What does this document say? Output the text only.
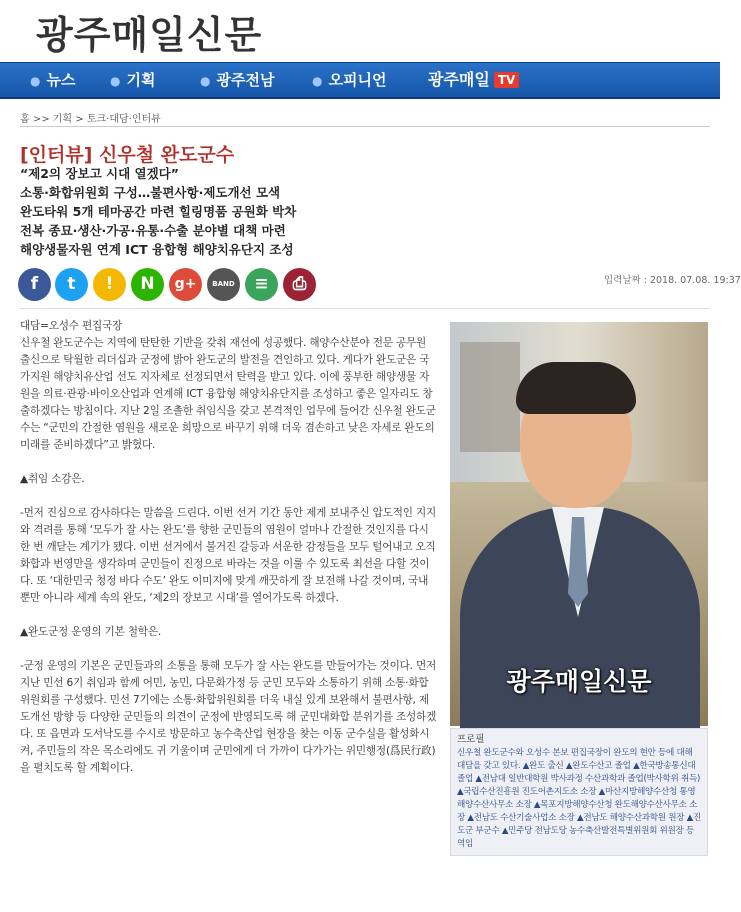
광주매일신문
● 뉴스	● 기획	● 광주전남	● 오피니언	광주매일 TV
홈 >> 기획 > 토크·대담·인터뷰
[인터뷰] 신우철 완도군수
“제2의 장보고 시대 열겠다”
소통·화합위원회 구성…불편사항·제도개선 모색
완도타워 5개 테마공간 마련 힐링명품 공원화 박차
전복 종묘·생산·가공·유통·수출 분야별 대책 마련
해양생물자원 연계 ICT 융합형 해양치유단지 조성
f	t	!	N	g+	BAND	≡	⎙	입력날짜 : 2018. 07.08. 19:37

대담=오성수 편집국장

신우철 완도군수는 지역에 탄탄한 기반을 갖춰 재선에 성공했다. 해양수산분야 전문 공무원 출신으로 탁월한 리더십과 군정에 밝아 완도군의 발전을 견인하고 있다. 게다가 완도군은 국가지원 해양치유산업 선도 지자체로 선정되면서 탄력을 받고 있다. 이에 풍부한 해양생물 자원을 의료·관광·바이오산업과 연계해 ICT 융합형 해양치유단지를 조성하고 좋은 일자리도 창출하겠다는 방침이다. 지난 2일 조촐한 취임식을 갖고 본격적인 업무에 들어간 신우철 완도군수는 “군민의 간절한 염원을 새로운 희망으로 바꾸기 위해 더욱 겸손하고 낮은 자세로 완도의 미래를 준비하겠다”고 밝혔다.

▲취임 소감은.

-먼저 진심으로 감사하다는 말씀을 드린다. 이번 선거 기간 동안 제게 보내주신 압도적인 지지와 격려를 통해 ‘모두가 잘 사는 완도’를 향한 군민들의 염원이 얼마나 간절한 것인지를 다시 한 번 깨닫는 계기가 됐다. 이번 선거에서 불거진 갈등과 서운한 감정들을 모두 털어내고 오직 화합과 번영만을 생각하며 군민들이 진정으로 바라는 것을 이룰 수 있도록 최선을 다할 것이다. 또 ‘대한민국 청정 바다 수도’ 완도 이미지에 맞게 깨끗하게 잘 보전해 나갈 것이며, 국내뿐만 아니라 세계 속의 완도, ‘제2의 장보고 시대’를 열어가도록 하겠다.

▲완도군정 운영의 기본 철학은.

-군정 운영의 기본은 군민들과의 소통을 통해 모두가 잘 사는 완도를 만들어가는 것이다. 먼저 지난 민선 6기 취임과 함께 어민, 농민, 다문화가정 등 군민 모두와 소통하기 위해 소통·화합위원회를 구성했다. 민선 7기에는 소통·화합위원회를 더욱 내실 있게 보완해서 불편사항, 제도개선 방향 등 다양한 군민들의 의견이 군정에 반영되도록 해 군민대화합 분위기를 조성하겠다. 또 읍면과 도서낙도를 수시로 방문하고 농수축산업 현장을 찾는 이동 군수실을 활성화시켜, 주민들의 작은 목소리에도 귀 기울이며 군민에게 더 가까이 다가가는 위민행정(爲民行政)을 펼치도록 할 계획이다.

광주매일신문
프로필
신우철 완도군수와 오성수 본보 편집국장이 완도의 현안 등에 대해 대담을 갖고 있다. ▲완도 출신 ▲완도수산고 졸업 ▲한국방송통신대 졸업 ▲전남대 일반대학원 박사과정 수산과학과 졸업(박사학위 취득) ▲국립수산진흥원 진도어촌지도소 소장 ▲마산지방해양수산청 통영해양수산사무소 소장 ▲목포지방해양수산청 완도해양수산사무소 소장 ▲전남도 수산기술사업소 소장 ▲전남도 해양수산과학원 원장 ▲진도군 부군수 ▲민주당 전남도당 농수축산발전특별위원회 위원장 등 역임
